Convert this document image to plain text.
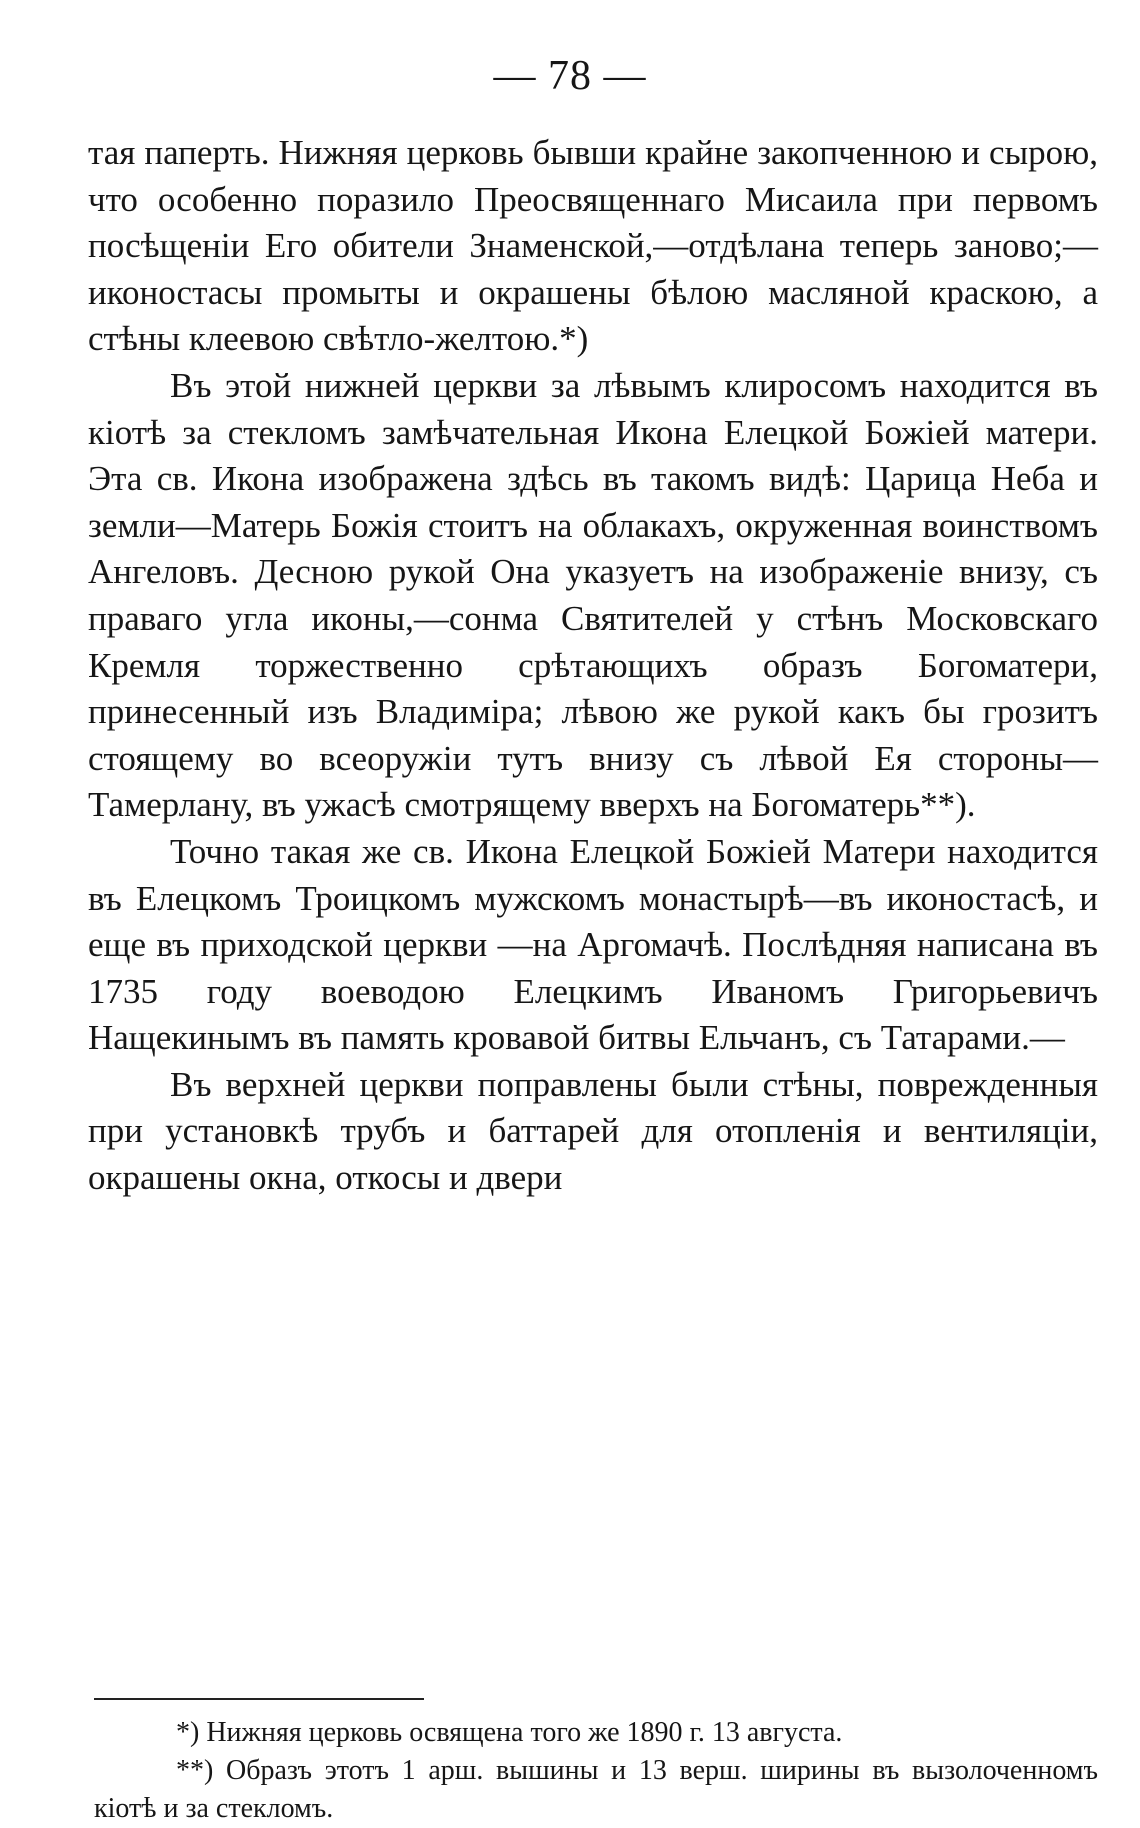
— 78 —

тая паперть. Нижняя церковь бывши крайне закопченною и сырою, что особенно поразило Преосвященнаго Мисаила при первомъ посѣщеніи Его обители Знаменской,—отдѣлана теперь заново;—иконостасы промыты и окрашены бѣлою масляной краскою, а стѣны клеевою свѣтло-желтою.*)

Въ этой нижней церкви за лѣвымъ клиросомъ находится въ кіотѣ за стекломъ замѣчательная Икона Елецкой Божіей матери. Эта св. Икона изображена здѣсь въ такомъ видѣ: Царица Неба и земли—Матерь Божія стоитъ на облакахъ, окруженная воинствомъ Ангеловъ. Десною рукой Она указуетъ на изображеніе внизу, съ праваго угла иконы,—сонма Святителей у стѣнъ Московскаго Кремля торжественно срѣтающихъ образъ Богоматери, принесенный изъ Владиміра; лѣвою же рукой какъ бы грозитъ стоящему во всеоружіи тутъ внизу съ лѣвой Ея стороны—Тамерлану, въ ужасѣ смотрящему вверхъ на Богоматерь**).

Точно такая же св. Икона Елецкой Божіей Матери находится въ Елецкомъ Троицкомъ мужскомъ монастырѣ—въ иконостасѣ, и еще въ приходской церкви —на Аргомачѣ. Послѣдняя написана въ 1735 году воеводою Елецкимъ Иваномъ Григорьевичъ Нащекинымъ въ память кровавой битвы Ельчанъ, съ Татарами.—

Въ верхней церкви поправлены были стѣны, поврежденныя при установкѣ трубъ и баттарей для отопленія и вентиляціи, окрашены окна, откосы и двери

*) Нижняя церковь освящена того же 1890 г. 13 августа.

**) Образъ этотъ 1 арш. вышины и 13 верш. ширины въ вызолоченномъ кіотѣ и за стекломъ.
